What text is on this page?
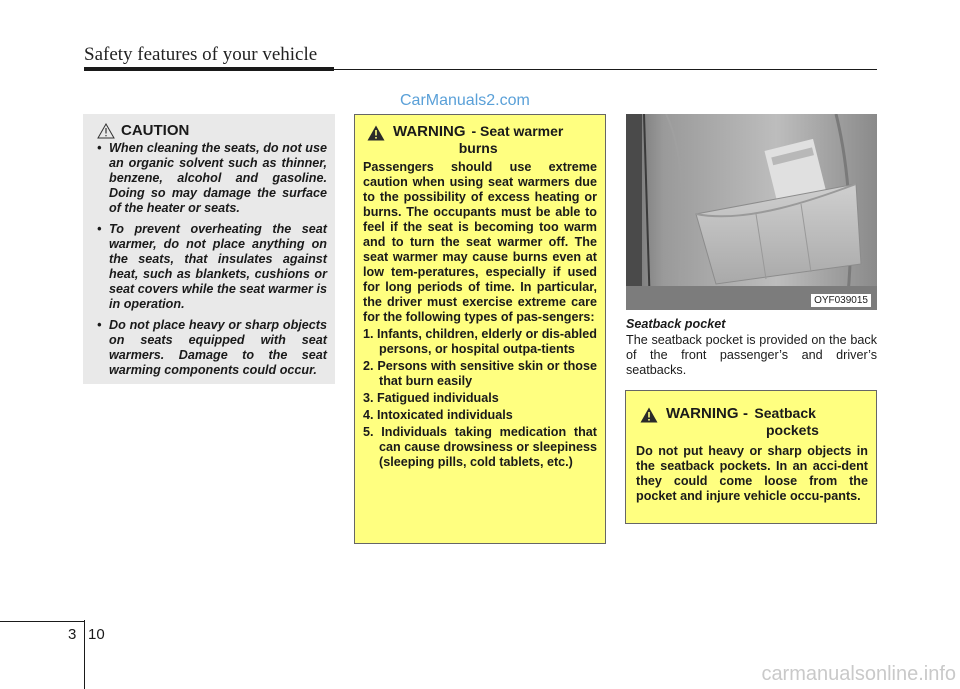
Safety features of your vehicle
CarManuals2.com
CAUTION
• When cleaning the seats, do not use an organic solvent such as thinner, benzene, alcohol and gasoline. Doing so may damage the surface of the heater or seats.
• To prevent overheating the seat warmer, do not place anything on the seats, that insulates against heat, such as blankets, cushions or seat covers while the seat warmer is in operation.
• Do not place heavy or sharp objects on seats equipped with seat warmers. Damage to the seat warming components could occur.
WARNING - Seat warmer
burns

Passengers should use extreme caution when using seat warmers due to the possibility of excess heating or burns. The occupants must be able to feel if the seat is becoming too warm and to turn the seat warmer off. The seat warmer may cause burns even at low tem-peratures, especially if used for long periods of time. In particular, the driver must exercise extreme care for the following types of pas-sengers:

1. Infants, children, elderly or dis-abled persons, or hospital outpa-tients
2. Persons with sensitive skin or those that burn easily
3. Fatigued individuals
4. Intoxicated individuals
5. Individuals taking medication that can cause drowsiness or sleepiness (sleeping pills, cold tablets, etc.)
OYF039015
Seatback pocket
The seatback pocket is provided on the back of the front passenger’s and driver’s seatbacks.
WARNING - Seatback
pockets

Do not put heavy or sharp objects in the seatback pockets. In an acci-dent they could come loose from the pocket and injure vehicle occu-pants.

3 10
carmanualsonline.info
